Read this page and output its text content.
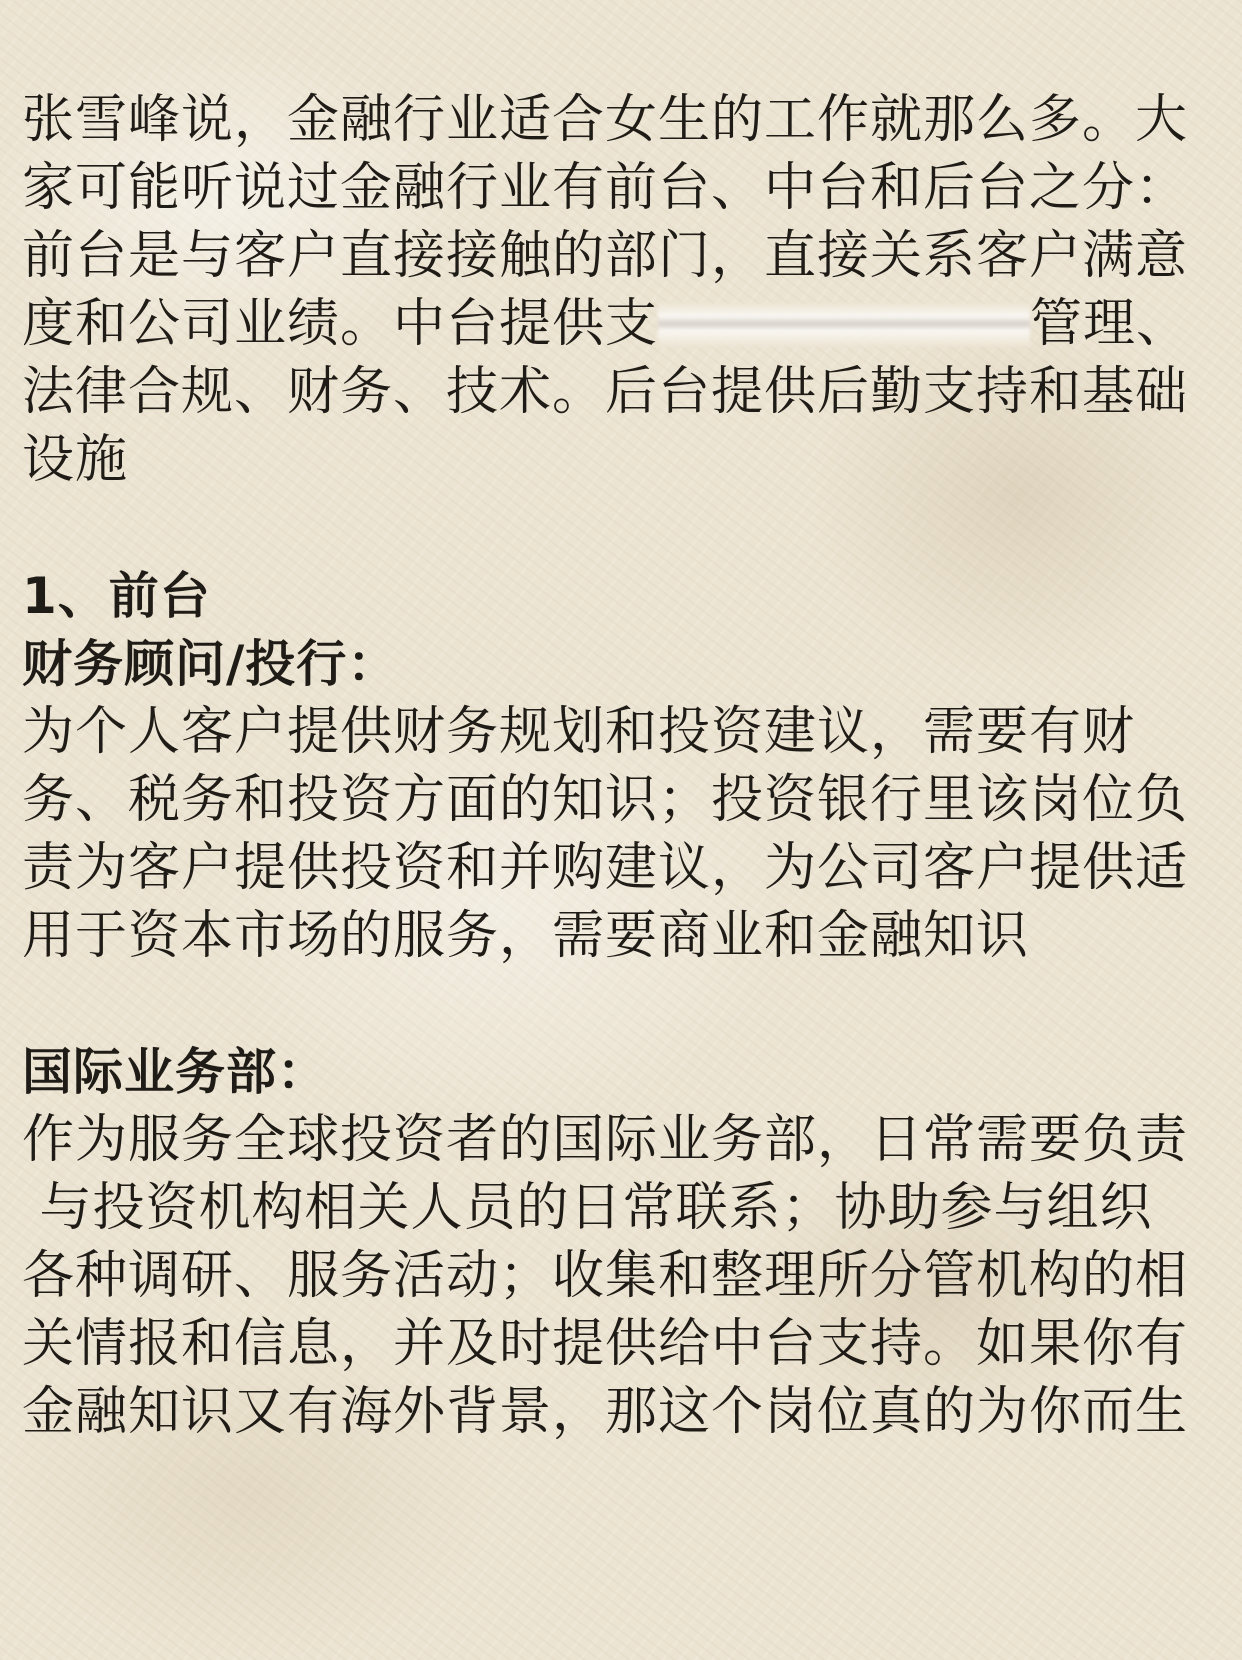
张雪峰说，金融行业适合女生的工作就那么多。大
家可能听说过金融行业有前台、中台和后台之分：
前台是与客户直接接触的部门，直接关系客户满意
度和公司业绩。中台提供支	管理、
法律合规、财务、技术。后台提供后勤支持和基础
设施

1、前台
财务顾问/投行：

为个人客户提供财务规划和投资建议，需要有财
务、税务和投资方面的知识；投资银行里该岗位负
责为客户提供投资和并购建议，为公司客户提供适
用于资本市场的服务，需要商业和金融知识

国际业务部：

作为服务全球投资者的国际业务部，日常需要负责
与投资机构相关人员的日常联系；协助参与组织
各种调研、服务活动；收集和整理所分管机构的相
关情报和信息，并及时提供给中台支持。如果你有
金融知识又有海外背景，那这个岗位真的为你而生
